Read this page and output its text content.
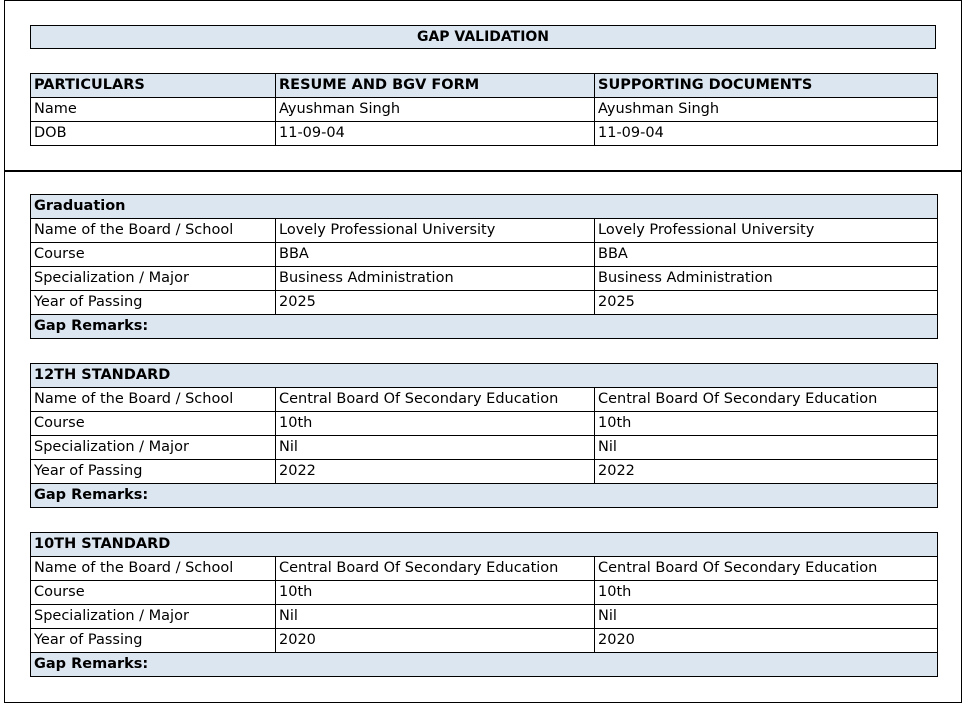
GAP VALIDATION
PARTICULARS	RESUME AND BGV FORM	SUPPORTING DOCUMENTS
Name	Ayushman Singh	Ayushman Singh
DOB	11-09-04	11-09-04
Graduation		
Name of the Board / School	Lovely Professional University	Lovely Professional University
Course	BBA	BBA
Specialization / Major	Business Administration	Business Administration
Year of Passing	2025	2025
Gap Remarks:		
12TH STANDARD		
Name of the Board / School	Central Board Of Secondary Education	Central Board Of Secondary Education
Course	10th	10th
Specialization / Major	Nil	Nil
Year of Passing	2022	2022
Gap Remarks:		
10TH STANDARD		
Name of the Board / School	Central Board Of Secondary Education	Central Board Of Secondary Education
Course	10th	10th
Specialization / Major	Nil	Nil
Year of Passing	2020	2020
Gap Remarks:		
